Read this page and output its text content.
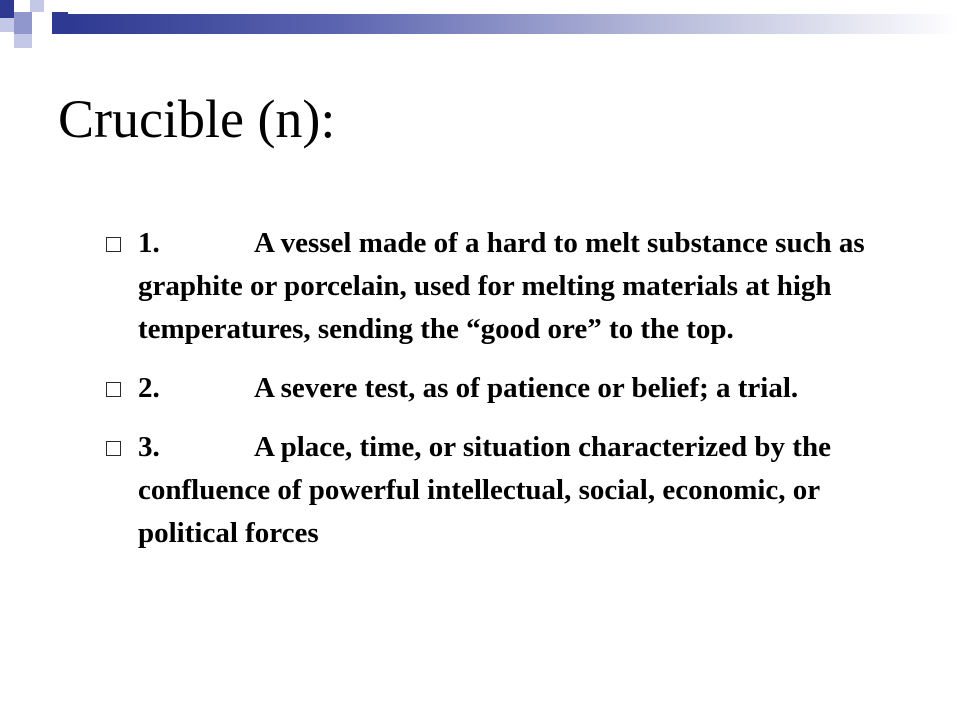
Crucible (n):
1.	A vessel made of a hard to melt substance such as graphite or porcelain, used for melting materials at high temperatures, sending the “good ore” to the top.
2.	A severe test, as of patience or belief; a trial.
3.	A place, time, or situation characterized by the confluence of powerful intellectual, social, economic, or political forces
